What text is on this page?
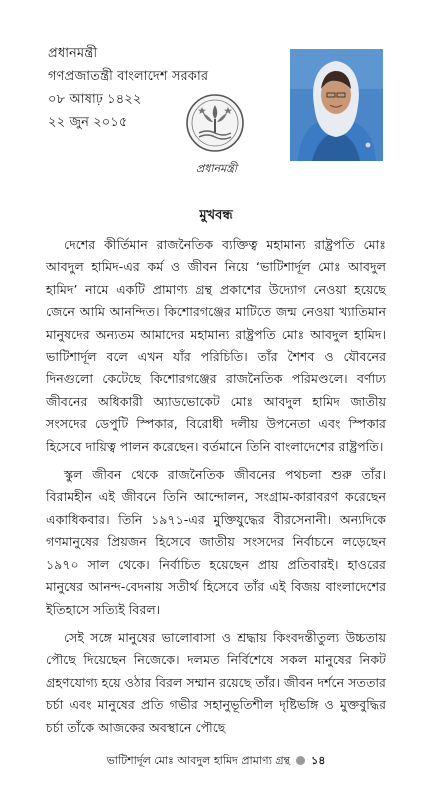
প্রধানমন্ত্রী
গণপ্রজাতন্ত্রী বাংলাদেশ সরকার
০৮ আষাঢ় ১৪২২
২২ জুন ২০১৫
প্রধানমন্ত্রী
মুখবন্ধ

দেশের কীর্তিমান রাজনৈতিক ব্যক্তিত্ব মহামান্য রাষ্ট্রপতি মোঃ আবদুল হামিদ-এর কর্ম ও জীবন নিয়ে ‘ভাটিশার্দূল মোঃ আবদুল হামিদ’ নামে একটি প্রামাণ্য গ্রন্থ প্রকাশের উদ্যোগ নেওয়া হয়েছে জেনে আমি আনন্দিত। কিশোরগঞ্জের মাটিতে জন্ম নেওয়া খ্যাতিমান মানুষদের অন্যতম আমাদের মহামান্য রাষ্ট্রপতি মোঃ আবদুল হামিদ। ভাটিশার্দূল বলে এখন যাঁর পরিচিতি। তাঁর শৈশব ও যৌবনের দিনগুলো কেটেছে কিশোরগঞ্জের রাজনৈতিক পরিমণ্ডলে। বর্ণাঢ্য জীবনের অধিকারী অ্যাডভোকেট মোঃ আবদুল হামিদ জাতীয় সংসদের ডেপুটি স্পিকার, বিরোধী দলীয় উপনেতা এবং স্পিকার হিসেবে দায়িত্ব পালন করেছেন। বর্তমানে তিনি বাংলাদেশের রাষ্ট্রপতি।

স্কুল জীবন থেকে রাজনৈতিক জীবনের পথচলা শুরু তাঁর। বিরামহীন এই জীবনে তিনি আন্দোলন, সংগ্রাম-কারাবরণ করেছেন একাধিকবার। তিনি ১৯৭১-এর মুক্তিযুদ্ধের বীরসেনানী। অন্যদিকে গণমানুষের প্রিয়জন হিসেবে জাতীয় সংসদের নির্বাচনে লড়েছেন ১৯৭০ সাল থেকে। নির্বাচিত হয়েছেন প্রায় প্রতিবারই। হাওরের মানুষের আনন্দ-বেদনায় সতীর্থ হিসেবে তাঁর এই বিজয় বাংলাদেশের ইতিহাসে সত্যিই বিরল।

সেই সঙ্গে মানুষের ভালোবাসা ও শ্রদ্ধায় কিংবদন্তীতুল্য উচ্চতায় পৌছে দিয়েছেন নিজেকে। দলমত নির্বিশেষে সকল মানুষের নিকট গ্রহণযোগ্য হয়ে ওঠার বিরল সম্মান রয়েছে তাঁর। জীবন দর্শনে সততার চর্চা এবং মানুষের প্রতি গভীর সহানুভূতিশীল দৃষ্টিভঙ্গি ও মুক্তবুদ্ধির চর্চা তাঁকে আজকের অবস্থানে পৌছে

ভাটিশার্দূল মোঃ আবদুল হামিদ প্রামাণ্য গ্রন্থ ১৪
